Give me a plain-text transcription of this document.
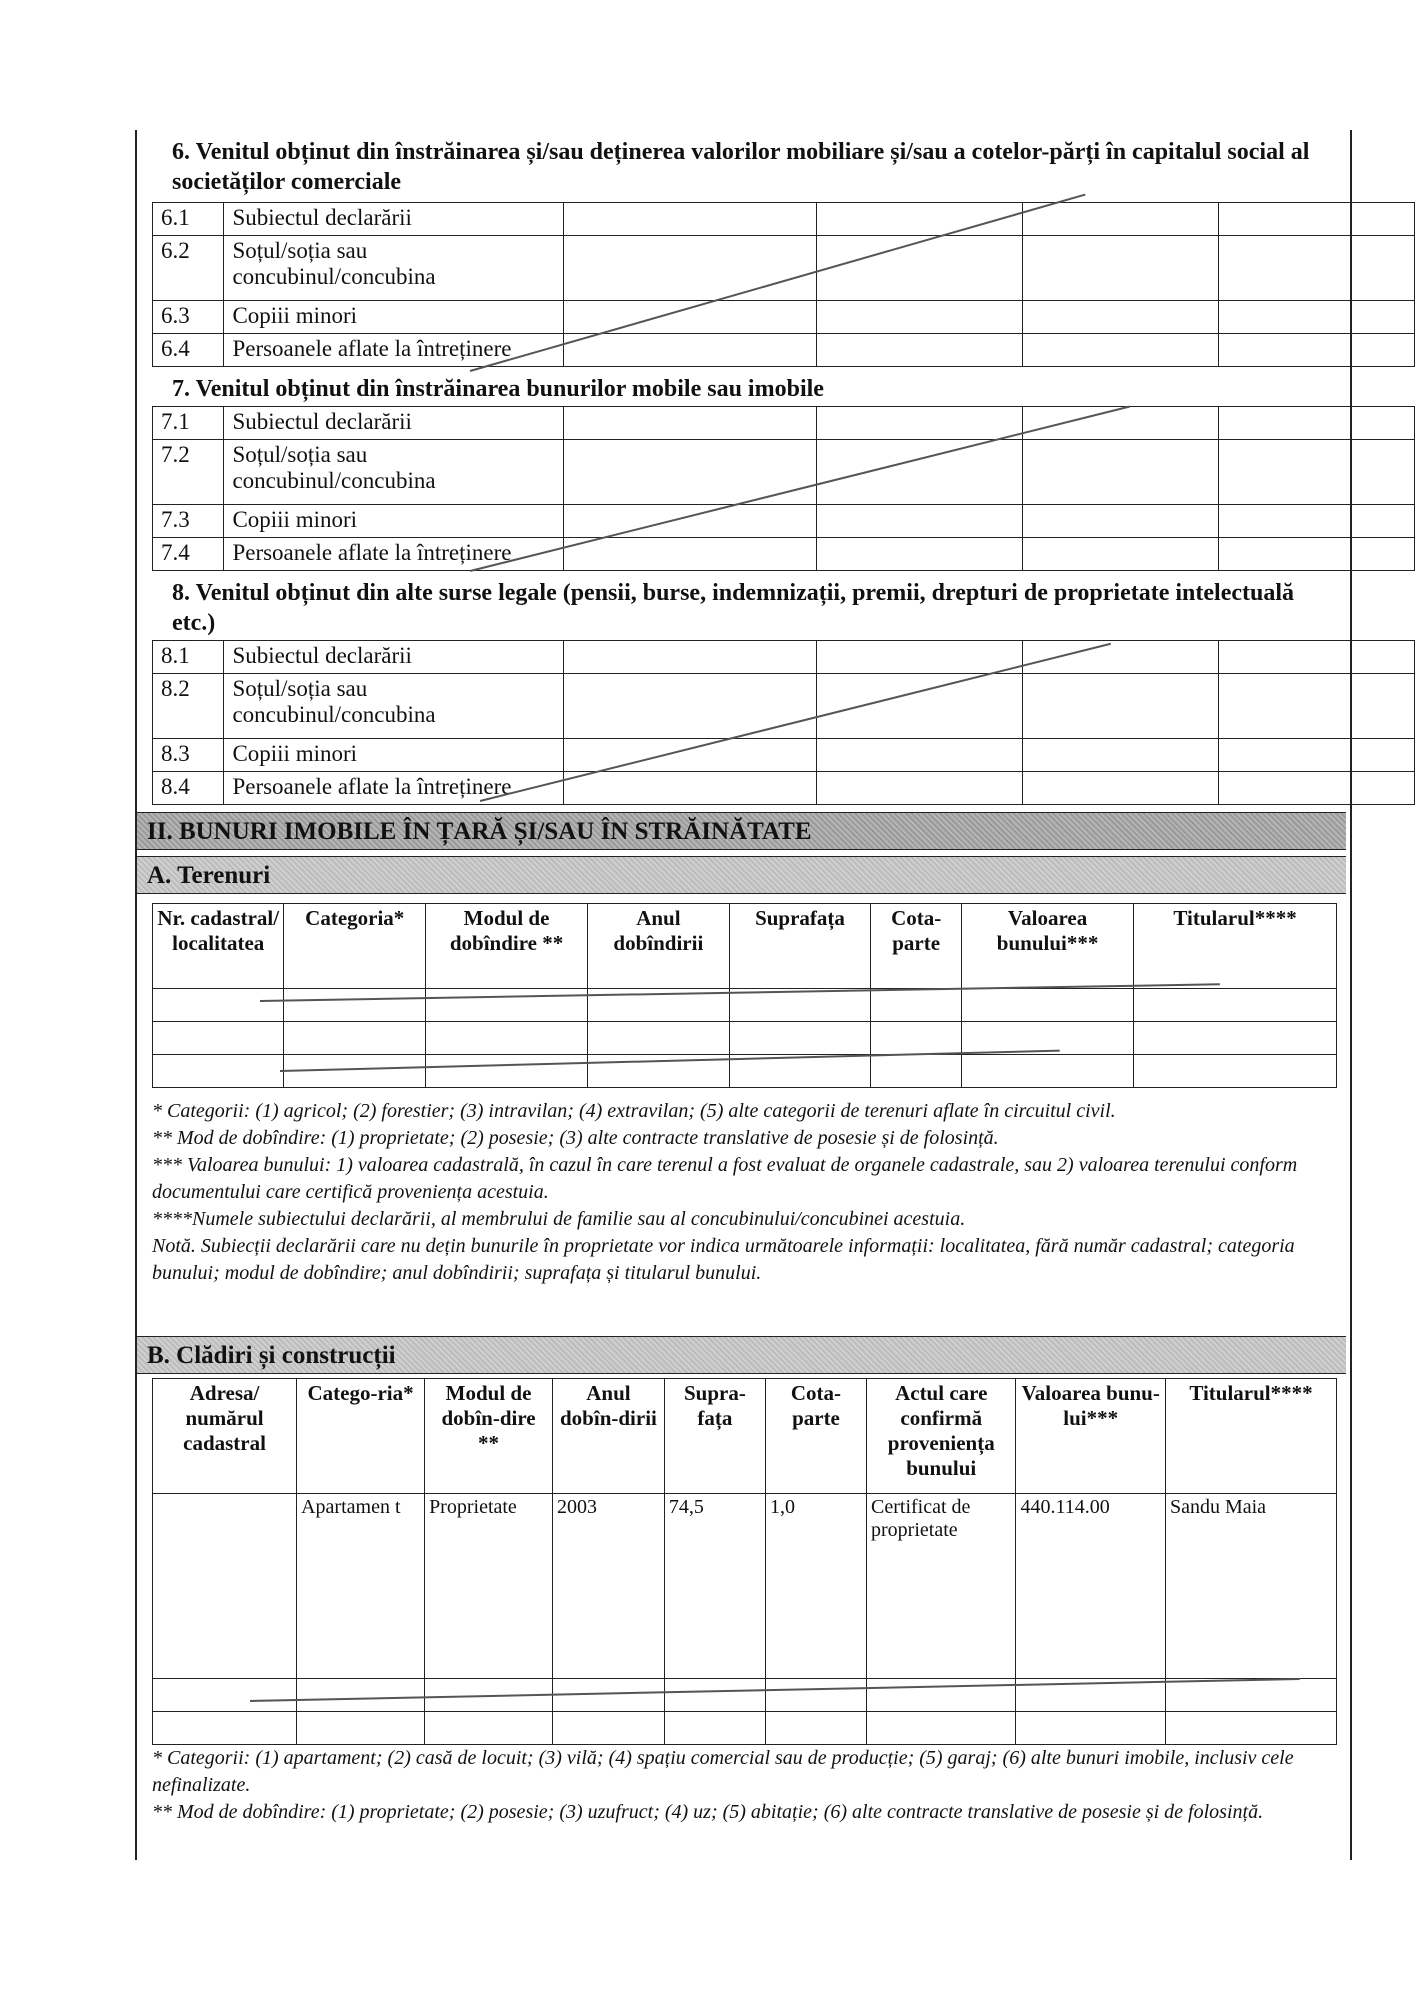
6. Venitul obținut din înstrăinarea și/sau deținerea valorilor mobiliare și/sau a cotelor-părți în capitalul social al societăților comerciale
6.1	Subiectul declarării				
6.2	Soțul/soția sau concubinul/concubina				
6.3	Copiii minori				
6.4	Persoanele aflate la întreținere				
7. Venitul obținut din înstrăinarea bunurilor mobile sau imobile
7.1	Subiectul declarării				
7.2	Soțul/soția sau concubinul/concubina				
7.3	Copiii minori				
7.4	Persoanele aflate la întreținere				
8. Venitul obținut din alte surse legale (pensii, burse, indemnizații, premii, drepturi de proprietate intelectuală etc.)
8.1	Subiectul declarării				
8.2	Soțul/soția sau concubinul/concubina				
8.3	Copiii minori				
8.4	Persoanele aflate la întreținere				
II. BUNURI IMOBILE ÎN ȚARĂ ȘI/SAU ÎN STRĂINĂTATE
A. Terenuri
Nr. cadastral/ localitatea	Categoria*	Modul de dobîndire **	Anul dobîndirii	Suprafața	Cota-parte	Valoarea bunului***	Titularul****

* Categorii: (1) agricol; (2) forestier; (3) intravilan; (4) extravilan; (5) alte categorii de terenuri aflate în circuitul civil.
** Mod de dobîndire: (1) proprietate; (2) posesie; (3) alte contracte translative de posesie și de folosință.
*** Valoarea bunului: 1) valoarea cadastrală, în cazul în care terenul a fost evaluat de organele cadastrale, sau 2) valoarea terenului conform documentului care certifică proveniența acestuia.
****Numele subiectului declarării, al membrului de familie sau al concubinului/concubinei acestuia.
Notă. Subiecții declarării care nu dețin bunurile în proprietate vor indica următoarele informații: localitatea, fără număr cadastral; categoria bunului; modul de dobîndire; anul dobîndirii; suprafața și titularul bunului.
B. Clădiri și construcții
Adresa/ numărul cadastral	Catego-ria*	Modul de dobîn-dire **	Anul dobîn-dirii	Supra-fața	Cota-parte	Actul care confirmă proveniența bunului	Valoarea bunu-lui***	Titularul****
	Apartamen t	Proprietate	2003	74,5	1,0	Certificat de proprietate	440.114.00	Sandu Maia

* Categorii: (1) apartament; (2) casă de locuit; (3) vilă; (4) spațiu comercial sau de producție; (5) garaj; (6) alte bunuri imobile, inclusiv cele nefinalizate.
** Mod de dobîndire: (1) proprietate; (2) posesie; (3) uzufruct; (4) uz; (5) abitație; (6) alte contracte translative de posesie și de folosință.
